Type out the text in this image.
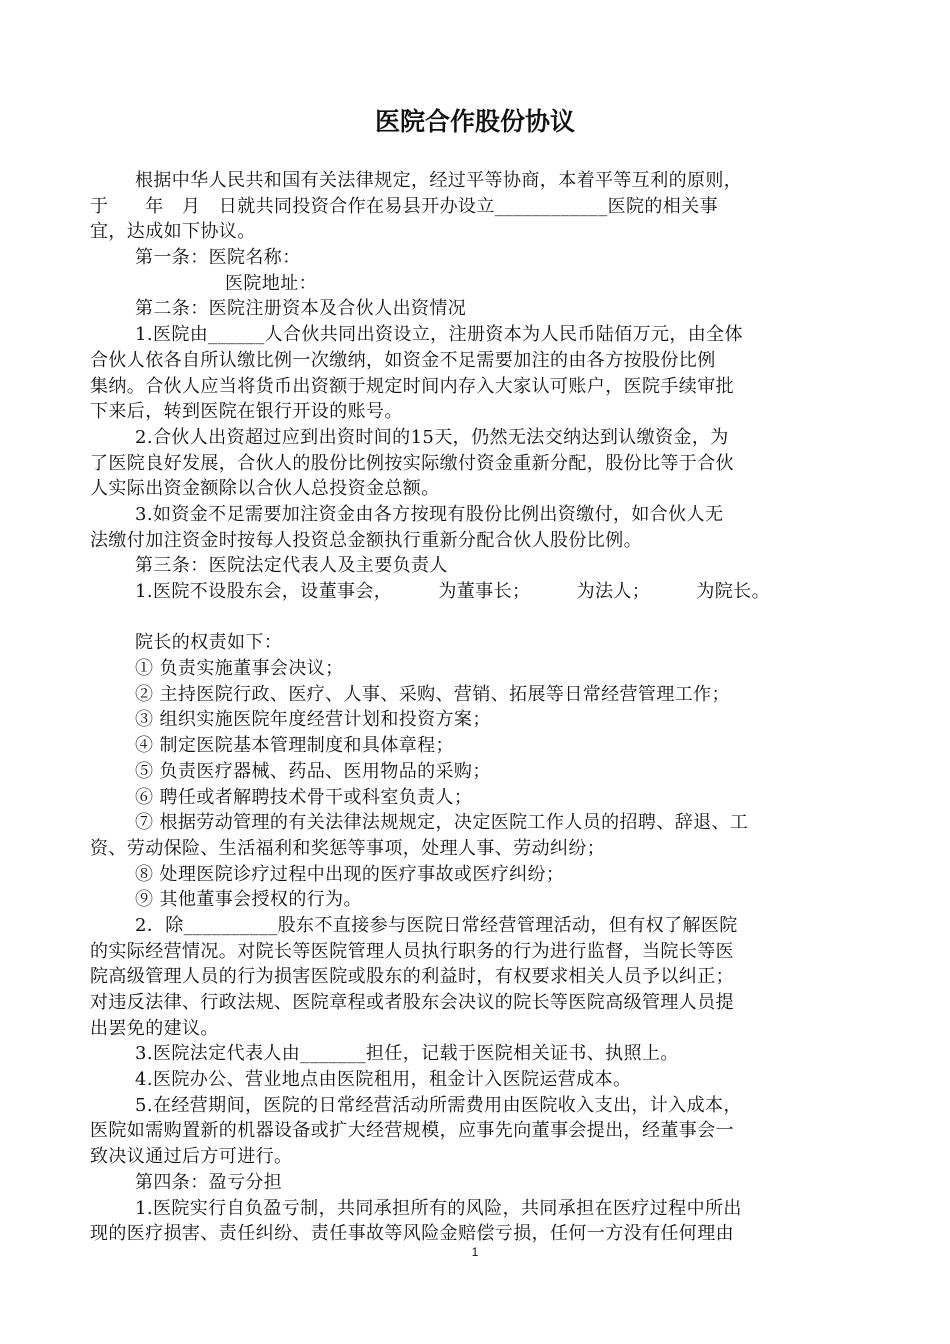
医院合作股份协议
根据中华人民共和国有关法律规定，经过平等协商，本着平等互利的原则，
于　　年　月　日就共同投资合作在易县开办设立____________医院的相关事
宜，达成如下协议。
第一条：医院名称：
医院地址：
第二条：医院注册资本及合伙人出资情况
1.医院由______人合伙共同出资设立，注册资本为人民币陆佰万元，由全体
合伙人依各自所认缴比例一次缴纳，如资金不足需要加注的由各方按股份比例
集纳。合伙人应当将货币出资额于规定时间内存入大家认可账户，医院手续审批
下来后，转到医院在银行开设的账号。
2.合伙人出资超过应到出资时间的15天，仍然无法交纳达到认缴资金，为
了医院良好发展，合伙人的股份比例按实际缴付资金重新分配，股份比等于合伙
人实际出资金额除以合伙人总投资金总额。
3.如资金不足需要加注资金由各方按现有股份比例出资缴付，如合伙人无
法缴付加注资金时按每人投资总金额执行重新分配合伙人股份比例。
第三条：医院法定代表人及主要负责人
1.医院不设股东会，设董事会，　　　为董事长；　　　为法人；　　　为院长。
院长的权责如下：
① 负责实施董事会决议；
② 主持医院行政、医疗、人事、采购、营销、拓展等日常经营管理工作；
③ 组织实施医院年度经营计划和投资方案；
④ 制定医院基本管理制度和具体章程；
⑤ 负责医疗器械、药品、医用物品的采购；
⑥ 聘任或者解聘技术骨干或科室负责人；
⑦ 根据劳动管理的有关法律法规规定，决定医院工作人员的招聘、辞退、工
资、劳动保险、生活福利和奖惩等事项，处理人事、劳动纠纷；
⑧ 处理医院诊疗过程中出现的医疗事故或医疗纠纷；
⑨ 其他董事会授权的行为。
2．除__________股东不直接参与医院日常经营管理活动，但有权了解医院
的实际经营情况。对院长等医院管理人员执行职务的行为进行监督，当院长等医
院高级管理人员的行为损害医院或股东的利益时，有权要求相关人员予以纠正；
对违反法律、行政法规、医院章程或者股东会决议的院长等医院高级管理人员提
出罢免的建议。
3.医院法定代表人由_______担任，记载于医院相关证书、执照上。
4.医院办公、营业地点由医院租用，租金计入医院运营成本。
5.在经营期间，医院的日常经营活动所需费用由医院收入支出，计入成本，
医院如需购置新的机器设备或扩大经营规模，应事先向董事会提出，经董事会一
致决议通过后方可进行。
第四条：盈亏分担
1.医院实行自负盈亏制，共同承担所有的风险，共同承担在医疗过程中所出
现的医疗损害、责任纠纷、责任事故等风险金赔偿亏损，任何一方没有任何理由
1
